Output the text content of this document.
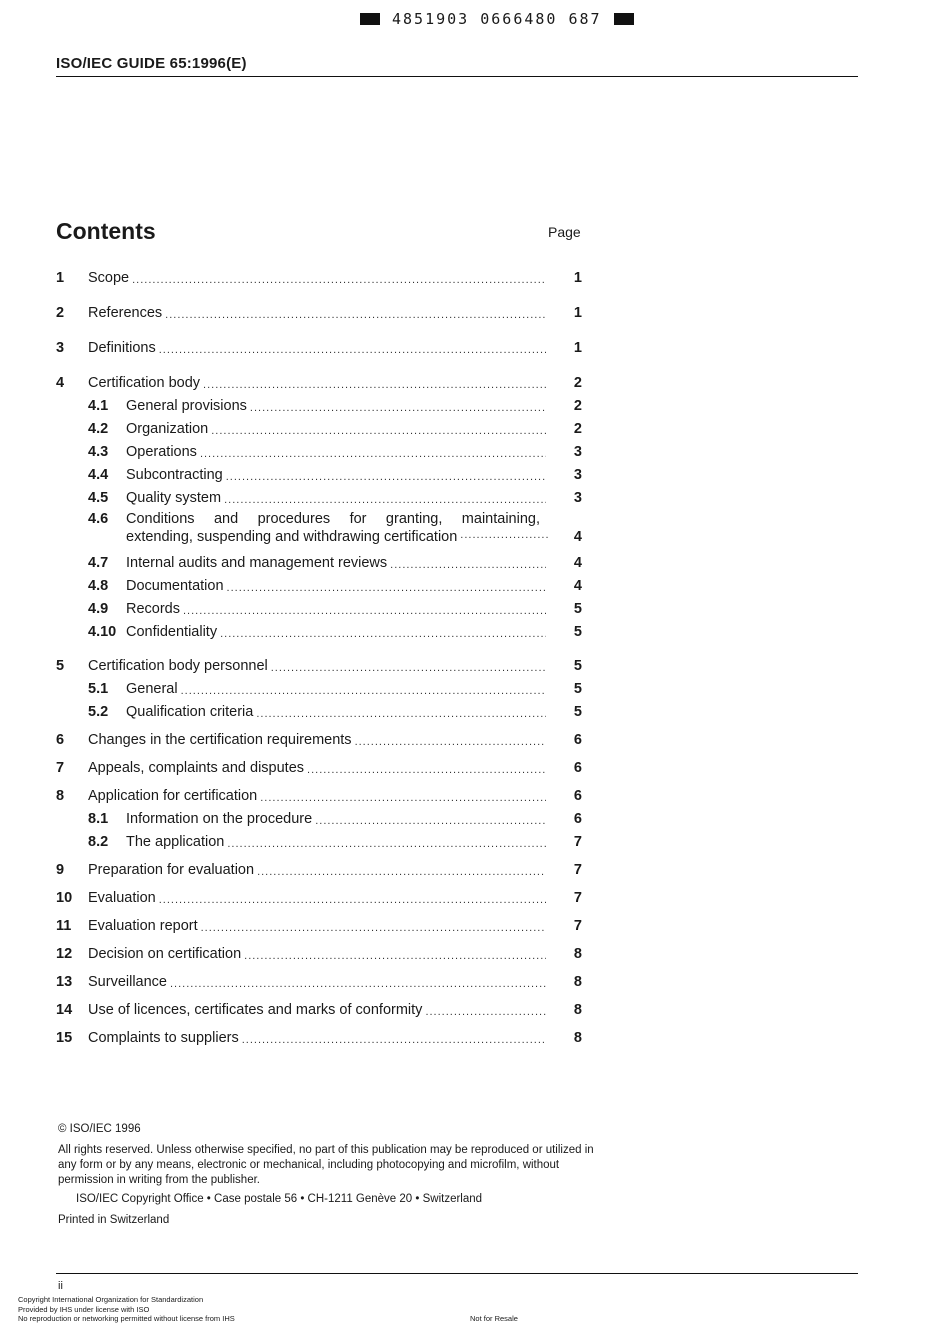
4851903 0666480 687
ISO/IEC GUIDE 65:1996(E)
Contents	Page
1	Scope .....	1
2	References .....	1
3	Definitions .....	1
4	Certification body .....	2
4.1	General provisions .....	2
4.2	Organization .....	2
4.3	Operations .....	3
4.4	Subcontracting .....	3
4.5	Quality system .....	3
4.6 Conditions and procedures for granting, maintaining,
extending, suspending and withdrawing certification .....	4
4.7	Internal audits and management reviews .....	4
4.8	Documentation .....	4
4.9	Records .....	5
4.10 Confidentiality .....	5
5	Certification body personnel .....	5
5.1	General .....	5
5.2	Qualification criteria .....	5
6	Changes in the certification requirements .....	6
7	Appeals, complaints and disputes .....	6
8	Application for certification .....	6
8.1	Information on the procedure .....	6
8.2	The application .....	7
9	Preparation for evaluation .....	7
10	Evaluation .....	7
11	Evaluation report .....	7
12	Decision on certification .....	8
13	Surveillance .....	8
14	Use of licences, certificates and marks of conformity .....	8
15	Complaints to suppliers .....	8
© ISO/IEC 1996

All rights reserved. Unless otherwise specified, no part of this publication may be reproduced or utilized in any form or by any means, electronic or mechanical, including photocopying and microfilm, without permission in writing from the publisher.

ISO/IEC Copyright Office • Case postale 56 • CH-1211 Genève 20 • Switzerland
Printed in Switzerland
ii
Copyright International Organization for Standardization
Provided by IHS under license with ISO
No reproduction or networking permitted without license from IHS	Not for Resale
